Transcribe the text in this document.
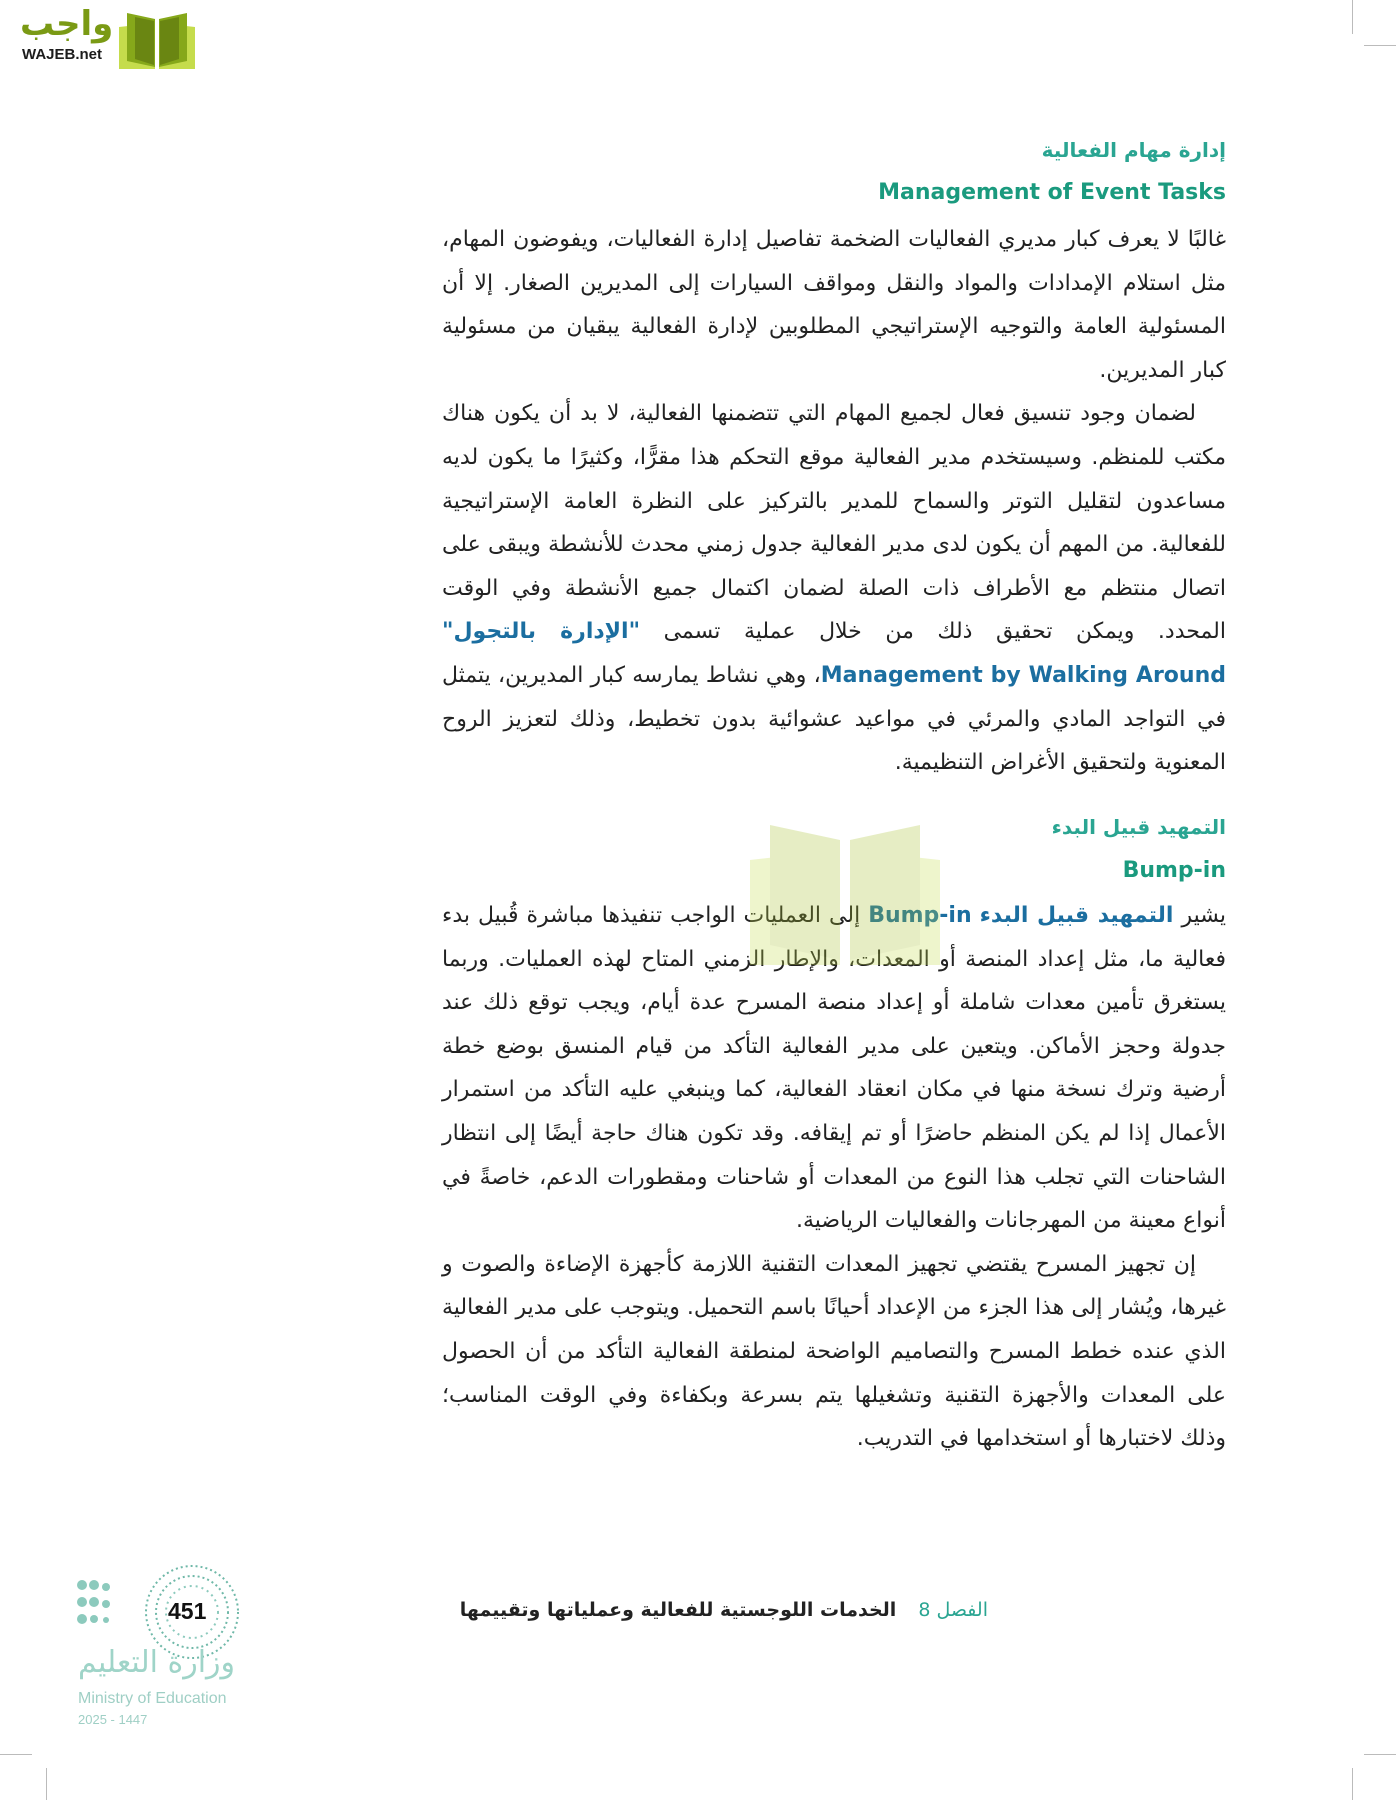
واجب
WAJEB.net
إدارة مهام الفعالية
Management of Event Tasks

غالبًا لا يعرف كبار مديري الفعاليات الضخمة تفاصيل إدارة الفعاليات، ويفوضون المهام، مثل استلام الإمدادات والمواد والنقل ومواقف السيارات إلى المديرين الصغار. إلا أن المسئولية العامة والتوجيه الإستراتيجي المطلوبين لإدارة الفعالية يبقيان من مسئولية كبار المديرين.

لضمان وجود تنسيق فعال لجميع المهام التي تتضمنها الفعالية، لا بد أن يكون هناك مكتب للمنظم. وسيستخدم مدير الفعالية موقع التحكم هذا مقرًّا، وكثيرًا ما يكون لديه مساعدون لتقليل التوتر والسماح للمدير بالتركيز على النظرة العامة الإستراتيجية للفعالية. من المهم أن يكون لدى مدير الفعالية جدول زمني محدث للأنشطة ويبقى على اتصال منتظم مع الأطراف ذات الصلة لضمان اكتمال جميع الأنشطة وفي الوقت المحدد. ويمكن تحقيق ذلك من خلال عملية تسمى "الإدارة بالتجول" Management by Walking Around، وهي نشاط يمارسه كبار المديرين، يتمثل في التواجد المادي والمرئي في مواعيد عشوائية بدون تخطيط، وذلك لتعزيز الروح المعنوية ولتحقيق الأغراض التنظيمية.

التمهيد قبيل البدء
Bump-in

يشير التمهيد قبيل البدء Bump-in إلى العمليات الواجب تنفيذها مباشرة قُبيل بدء فعالية ما، مثل إعداد المنصة أو المعدات، والإطار الزمني المتاح لهذه العمليات. وربما يستغرق تأمين معدات شاملة أو إعداد منصة المسرح عدة أيام، ويجب توقع ذلك عند جدولة وحجز الأماكن. ويتعين على مدير الفعالية التأكد من قيام المنسق بوضع خطة أرضية وترك نسخة منها في مكان انعقاد الفعالية، كما وينبغي عليه التأكد من استمرار الأعمال إذا لم يكن المنظم حاضرًا أو تم إيقافه. وقد تكون هناك حاجة أيضًا إلى انتظار الشاحنات التي تجلب هذا النوع من المعدات أو شاحنات ومقطورات الدعم، خاصةً في أنواع معينة من المهرجانات والفعاليات الرياضية.

إن تجهيز المسرح يقتضي تجهيز المعدات التقنية اللازمة كأجهزة الإضاءة والصوت و غيرها، ويُشار إلى هذا الجزء من الإعداد أحيانًا باسم التحميل. ويتوجب على مدير الفعالية الذي عنده خطط المسرح والتصاميم الواضحة لمنطقة الفعالية التأكد من أن الحصول على المعدات والأجهزة التقنية وتشغيلها يتم بسرعة وبكفاءة وفي الوقت المناسب؛ وذلك لاختبارها أو استخدامها في التدريب.

الفصل 8الخدمات اللوجستية للفعالية وعملياتها وتقييمها
451
وزارة التعليم
Ministry of Education
2025 - 1447
